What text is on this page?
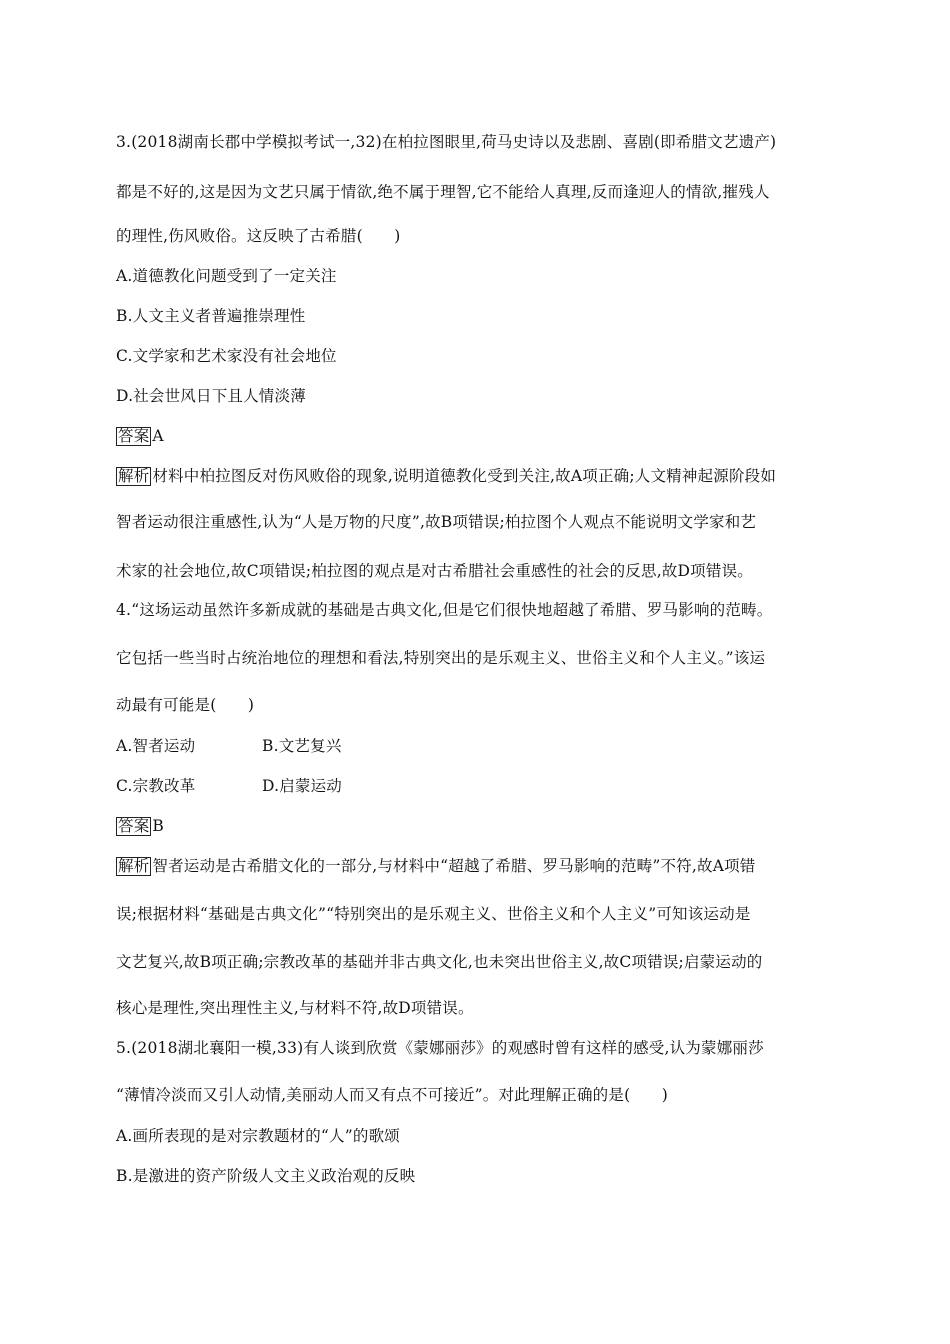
3.(2018湖南长郡中学模拟考试一,32)在柏拉图眼里,荷马史诗以及悲剧、喜剧(即希腊文艺遗产)
都是不好的,这是因为文艺只属于情欲,绝不属于理智,它不能给人真理,反而逢迎人的情欲,摧残人
的理性,伤风败俗。这反映了古希腊(　　)
A.道德教化问题受到了一定关注
B.人文主义者普遍推崇理性
C.文学家和艺术家没有社会地位
D.社会世风日下且人情淡薄
答案 A
解析 材料中柏拉图反对伤风败俗的现象,说明道德教化受到关注,故A项正确;人文精神起源阶段如
智者运动很注重感性,认为“人是万物的尺度”,故B项错误;柏拉图个人观点不能说明文学家和艺
术家的社会地位,故C项错误;柏拉图的观点是对古希腊社会重感性的社会的反思,故D项错误。
4.“这场运动虽然许多新成就的基础是古典文化,但是它们很快地超越了希腊、罗马影响的范畴。
它包括一些当时占统治地位的理想和看法,特别突出的是乐观主义、世俗主义和个人主义。”该运
动最有可能是(　　)
A.智者运动	B.文艺复兴
C.宗教改革	D.启蒙运动
答案 B
解析 智者运动是古希腊文化的一部分,与材料中“超越了希腊、罗马影响的范畴”不符,故A项错
误;根据材料“基础是古典文化”“特别突出的是乐观主义、世俗主义和个人主义”可知该运动是
文艺复兴,故B项正确;宗教改革的基础并非古典文化,也未突出世俗主义,故C项错误;启蒙运动的
核心是理性,突出理性主义,与材料不符,故D项错误。
5.(2018湖北襄阳一模,33)有人谈到欣赏《蒙娜丽莎》的观感时曾有这样的感受,认为蒙娜丽莎
“薄情冷淡而又引人动情,美丽动人而又有点不可接近”。对此理解正确的是(　　)
A.画所表现的是对宗教题材的“人”的歌颂
B.是激进的资产阶级人文主义政治观的反映
